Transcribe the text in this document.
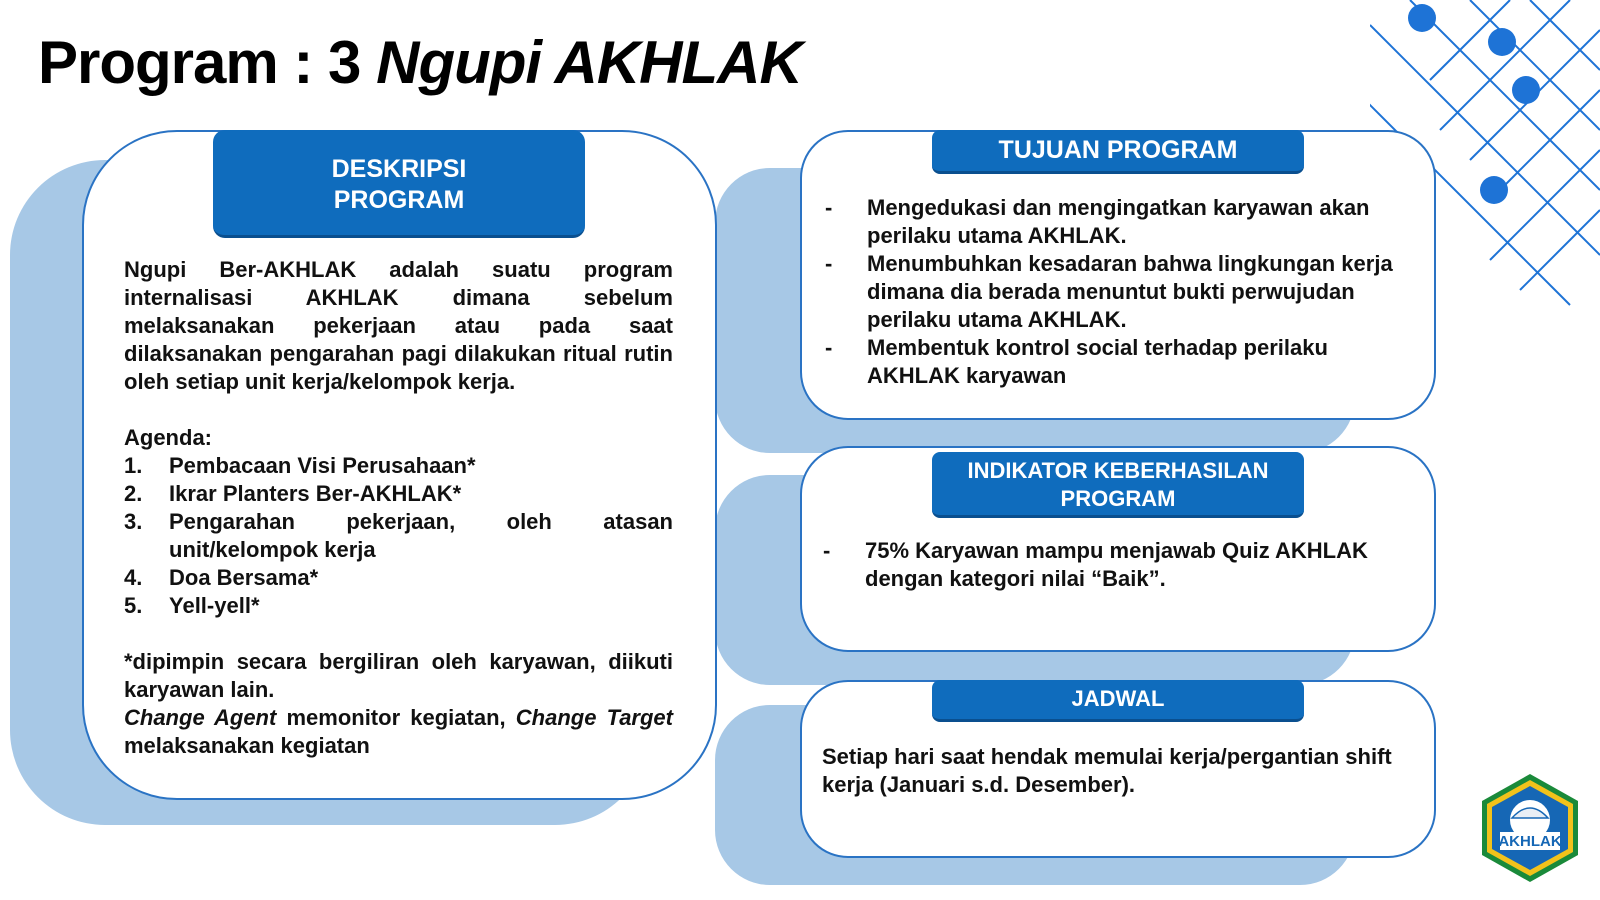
Program : 3 Ngupi AKHLAK
DESKRIPSI
PROGRAM
TUJUAN PROGRAM
INDIKATOR KEBERHASILAN
PROGRAM
JADWAL

Ngupi Ber-AKHLAK adalah suatu program internalisasi AKHLAK dimana sebelum melaksanakan pekerjaan atau pada saat dilaksanakan pengarahan pagi dilakukan ritual rutin oleh setiap unit kerja/kelompok kerja.

Agenda:
1.	Pembacaan Visi Perusahaan*
2.	Ikrar Planters Ber-AKHLAK*
3.	Pengarahan pekerjaan, oleh atasan unit/kelompok kerja
4.	Doa Bersama*
5.	Yell-yell*

*dipimpin secara bergiliran oleh karyawan, diikuti karyawan lain.

Change Agent memonitor kegiatan, Change Target melaksanakan kegiatan

-	Mengedukasi dan mengingatkan karyawan akan perilaku utama AKHLAK.
-	Menumbuhkan kesadaran bahwa lingkungan kerja dimana dia berada menuntut bukti perwujudan perilaku utama AKHLAK.
-	Membentuk kontrol social terhadap perilaku AKHLAK karyawan
-	75% Karyawan mampu menjawab Quiz AKHLAK dengan kategori nilai “Baik”.
Setiap hari saat hendak memulai kerja/pergantian shift kerja (Januari s.d. Desember).
AKHLAK
